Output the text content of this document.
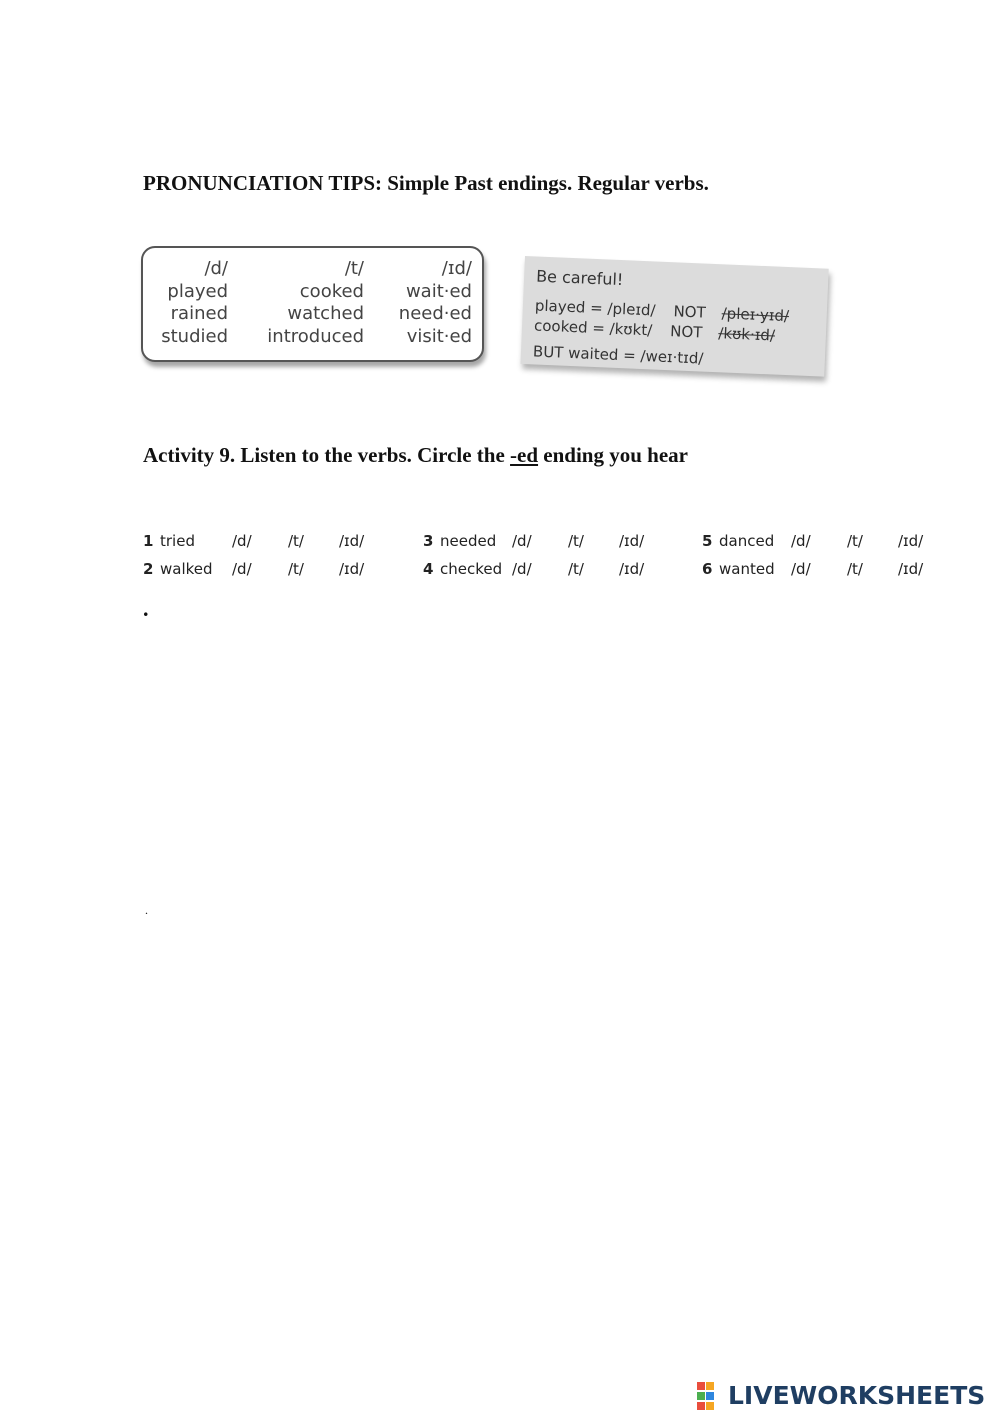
PRONUNCIATION TIPS: Simple Past endings. Regular verbs.
/d/
played
rained
studied
/t/
cooked
watched
introduced
/ɪd/
wait·ed
need·ed
visit·ed
Be careful!
played = /pleɪd/ NOT /pleɪ·yɪd/
cooked = /kʊkt/ NOT /kʊk·ɪd/
BUT waited = /weɪ·tɪd/
Activity 9. Listen to the verbs. Circle the -ed ending you hear
1 tried /d/ /t/ /ɪd/
2 walked /d/ /t/ /ɪd/
3 needed /d/ /t/ /ɪd/
4 checked /d/ /t/ /ɪd/
5 danced /d/ /t/ /ɪd/
6 wanted /d/ /t/ /ɪd/
.
.
LIVEWORKSHEETS
